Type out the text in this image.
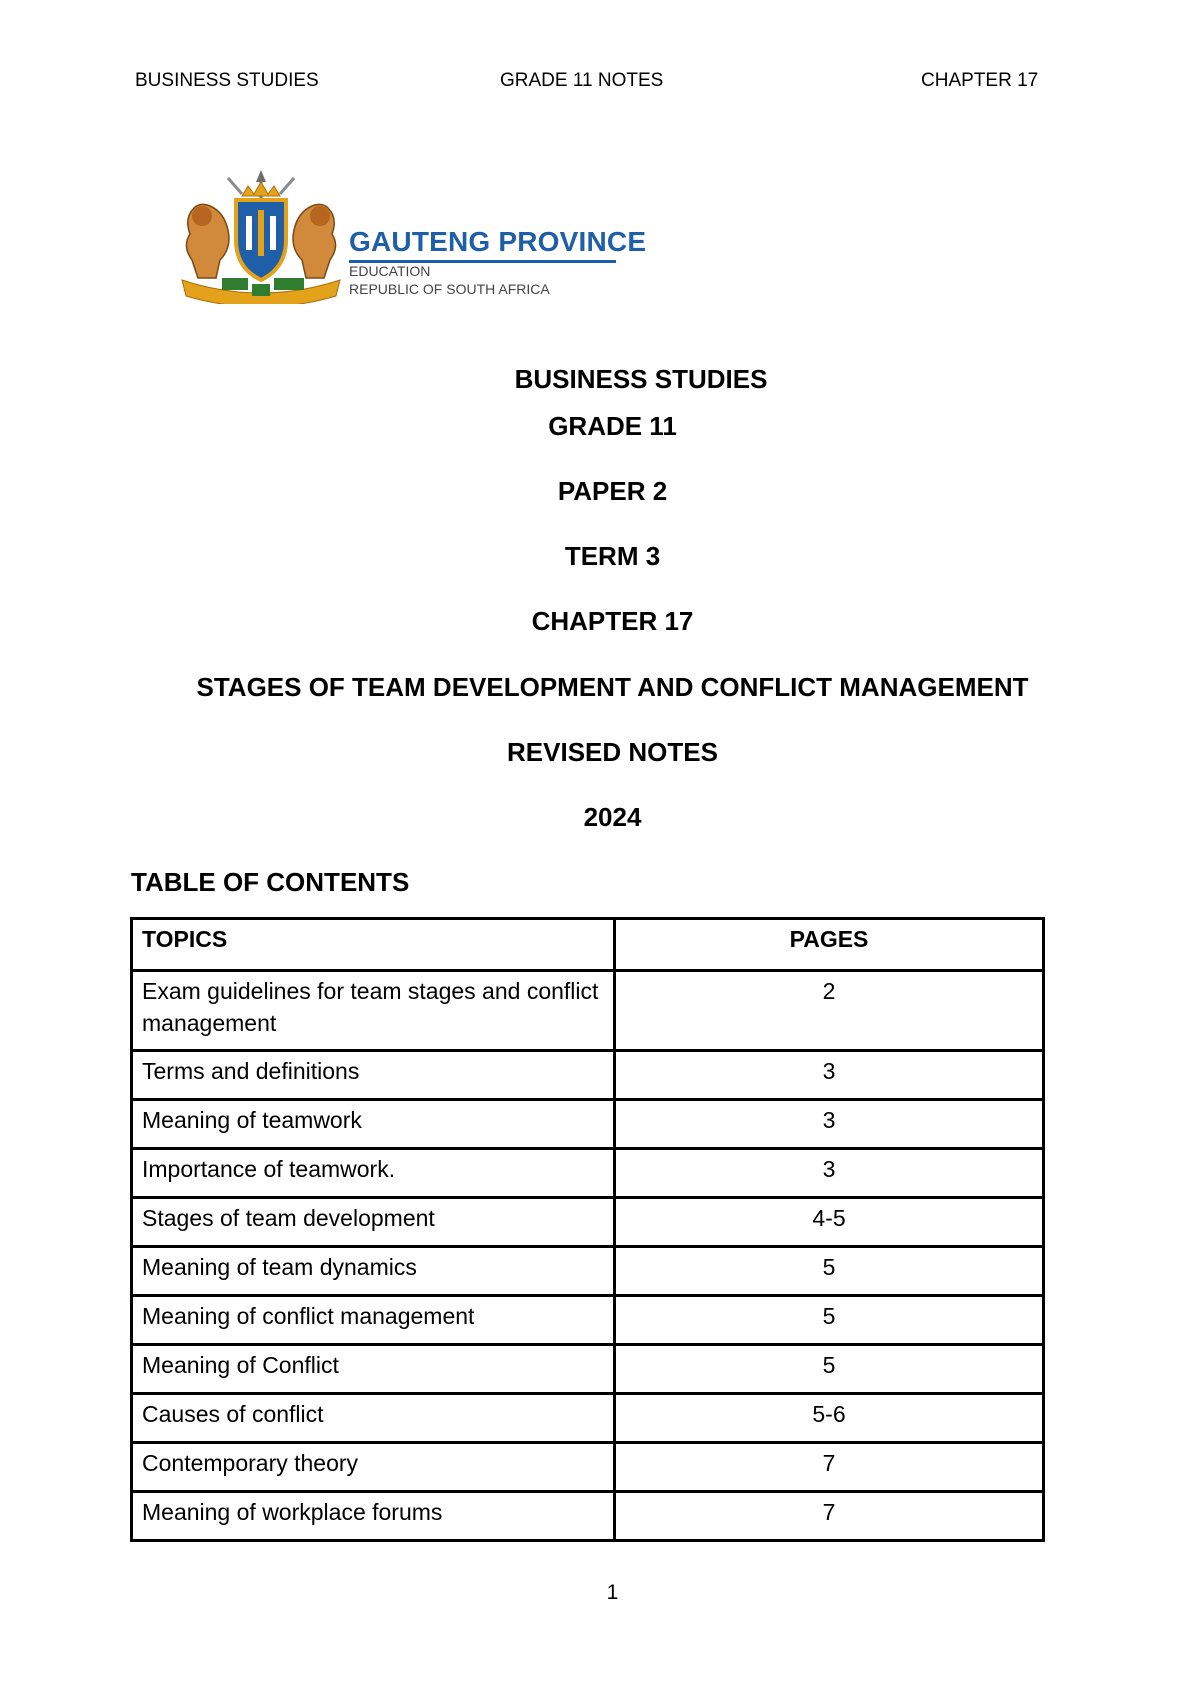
BUSINESS STUDIES	GRADE 11 NOTES	CHAPTER 17
GAUTENG PROVINCE
EDUCATION
REPUBLIC OF SOUTH AFRICA
BUSINESS STUDIES
GRADE 11
PAPER 2
TERM 3
CHAPTER 17
STAGES OF TEAM DEVELOPMENT AND CONFLICT MANAGEMENT
REVISED NOTES
2024
TABLE OF CONTENTS
TOPICS	PAGES
Exam guidelines for team stages and conflict management	2
Terms and definitions	3
Meaning of teamwork	3
Importance of teamwork.	3
Stages of team development	4-5
Meaning of team dynamics	5
Meaning of conflict management	5
Meaning of Conflict	5
Causes of conflict	5-6
Contemporary theory	7
Meaning of workplace forums	7
1
